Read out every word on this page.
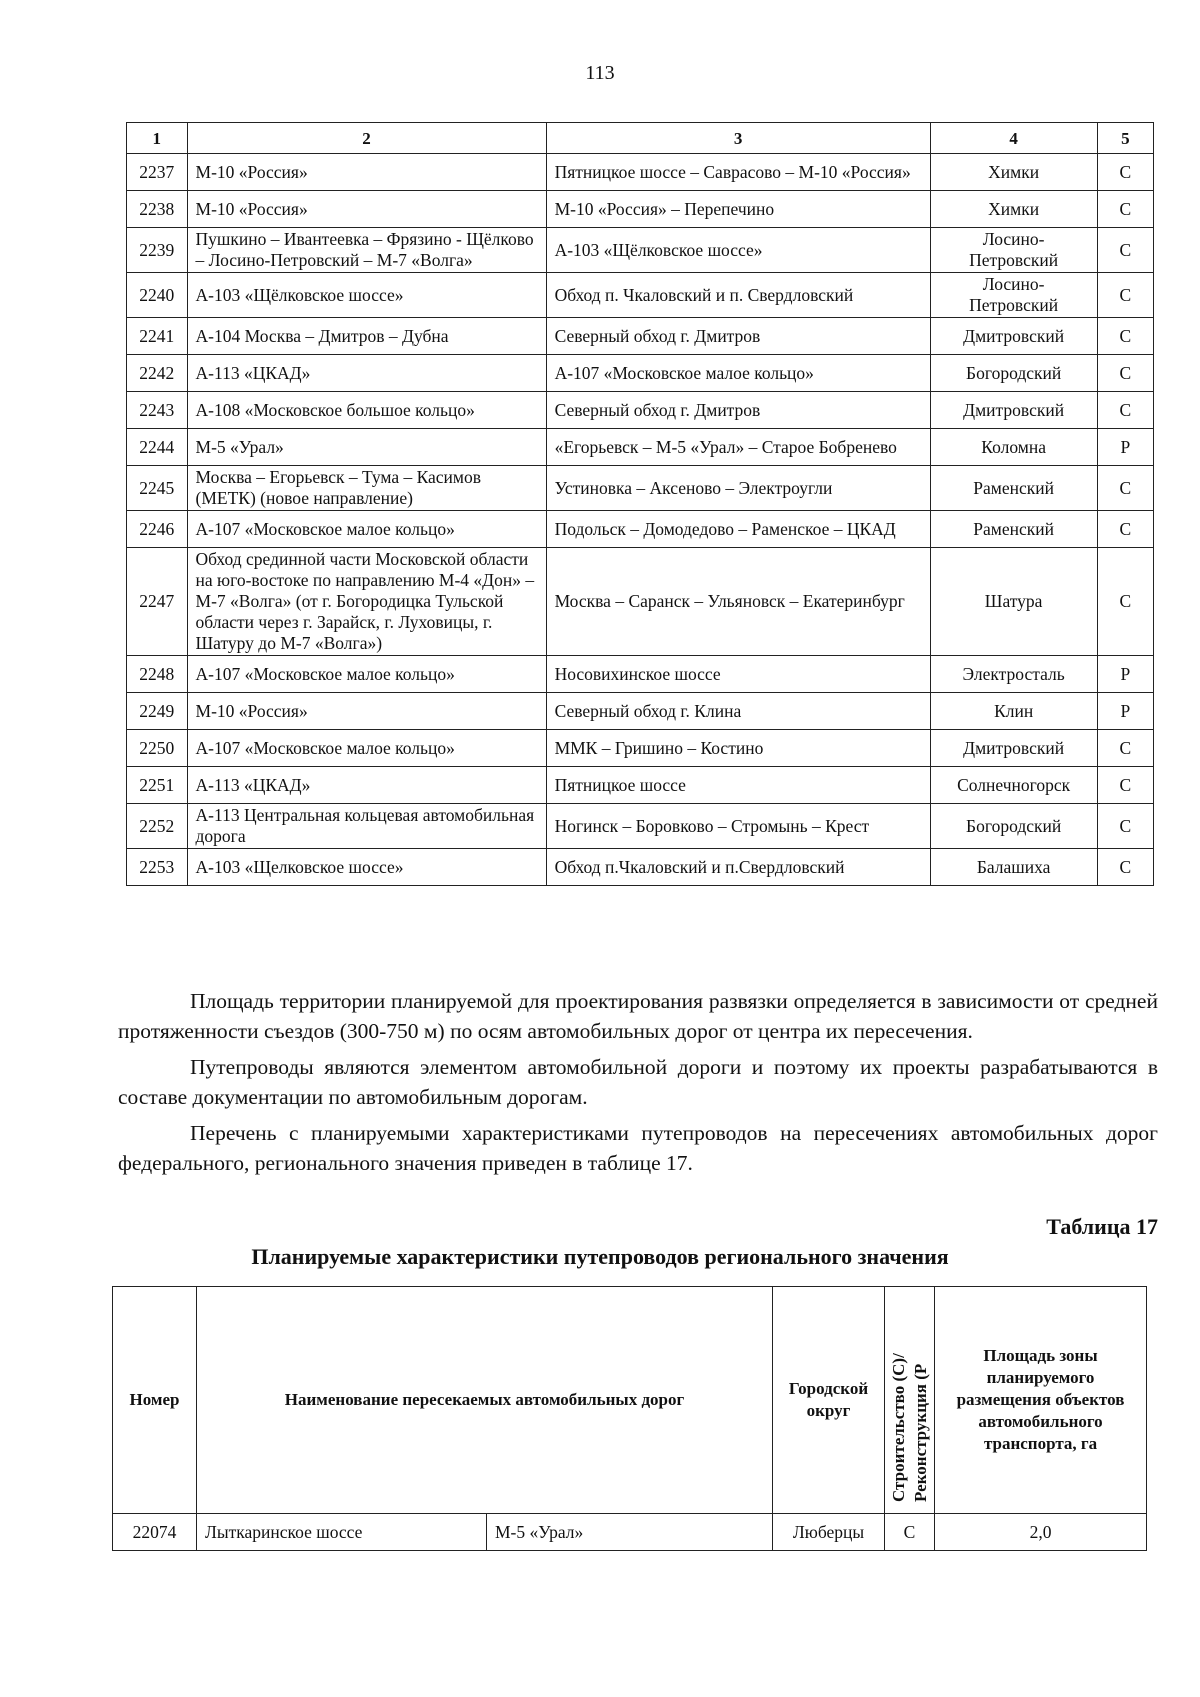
113
1	2	3	4	5
2237	М-10 «Россия»	Пятницкое шоссе – Саврасово – М-10 «Россия»	Химки	С
2238	М-10 «Россия»	М-10 «Россия» – Перепечино	Химки	С
2239	Пушкино – Ивантеевка – Фрязино - Щёлково – Лосино-Петровский – М-7 «Волга»	А-103 «Щёлковское шоссе»	Лосино-Петровский	С
2240	А-103 «Щёлковское шоссе»	Обход п. Чкаловский и п. Свердловский	Лосино-Петровский	С
2241	А-104 Москва – Дмитров – Дубна	Северный обход г. Дмитров	Дмитровский	С
2242	А-113 «ЦКАД»	А-107 «Московское малое кольцо»	Богородский	С
2243	А-108 «Московское большое кольцо»	Северный обход г. Дмитров	Дмитровский	С
2244	М-5 «Урал»	«Егорьевск – М-5 «Урал» – Старое Бобренево	Коломна	Р
2245	Москва – Егорьевск – Тума – Касимов (МЕТК) (новое направление)	Устиновка – Аксеново – Электроугли	Раменский	С
2246	А-107 «Московское малое кольцо»	Подольск – Домодедово – Раменское – ЦКАД	Раменский	С
2247	Обход срединной части Московской области на юго-востоке по направлению М-4 «Дон» – М-7 «Волга» (от г. Богородицка Тульской области через г. Зарайск, г. Луховицы, г. Шатуру до М-7 «Волга»)	Москва – Саранск – Ульяновск – Екатеринбург	Шатура	С
2248	А-107 «Московское малое кольцо»	Носовихинское шоссе	Электросталь	Р
2249	М-10 «Россия»	Северный обход г. Клина	Клин	Р
2250	А-107 «Московское малое кольцо»	ММК – Гришино – Костино	Дмитровский	С
2251	А-113 «ЦКАД»	Пятницкое шоссе	Солнечногорск	С
2252	А-113 Центральная кольцевая автомобильная дорога	Ногинск – Боровково – Стромынь – Крест	Богородский	С
2253	А-103 «Щелковское шоссе»	Обход п.Чкаловский и п.Свердловский	Балашиха	С

Площадь территории планируемой для проектирования развязки определяется в зависимости от средней протяженности съездов (300-750 м) по осям автомобильных дорог от центра их пересечения.

Путепроводы являются элементом автомобильной дороги и поэтому их проекты разрабатываются в составе документации по автомобильным дорогам.

Перечень с планируемыми характеристиками путепроводов на пересечениях автомобильных дорог федерального, регионального значения приведен в таблице 17.

Таблица 17
Планируемые характеристики путепроводов регионального значения
Номер	Наименование пересекаемых автомобильных дорог		Городской округ	Строительство (С)/ Реконструкция (Р	Площадь зоны планируемого размещения объектов автомобильного транспорта, га
22074	Лыткаринское шоссе	М-5 «Урал»	Люберцы	С	2,0
